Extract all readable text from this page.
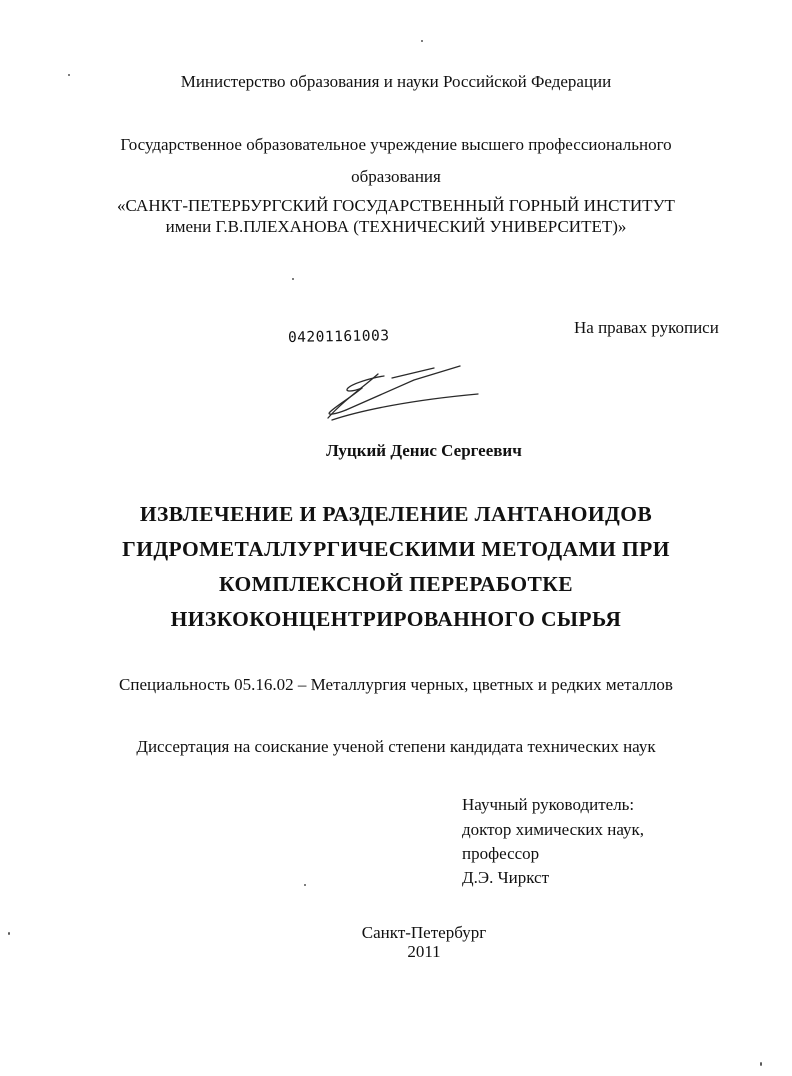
Министерство образования и науки Российской Федерации
Государственное образовательное учреждение высшего профессионального
образования
«САНКТ-ПЕТЕРБУРГСКИЙ ГОСУДАРСТВЕННЫЙ ГОРНЫЙ ИНСТИТУТ
имени Г.В.ПЛЕХАНОВА (ТЕХНИЧЕСКИЙ УНИВЕРСИТЕТ)»
04201161003
На правах рукописи
Луцкий Денис Сергеевич
ИЗВЛЕЧЕНИЕ И РАЗДЕЛЕНИЕ ЛАНТАНОИДОВ
ГИДРОМЕТАЛЛУРГИЧЕСКИМИ МЕТОДАМИ ПРИ
КОМПЛЕКСНОЙ ПЕРЕРАБОТКЕ
НИЗКОКОНЦЕНТРИРОВАННОГО СЫРЬЯ
Специальность 05.16.02 – Металлургия черных, цветных и редких металлов
Диссертация на соискание ученой степени кандидата технических наук
Научный руководитель:
доктор химических наук,
профессор
Д.Э. Чиркст
Санкт-Петербург
2011
